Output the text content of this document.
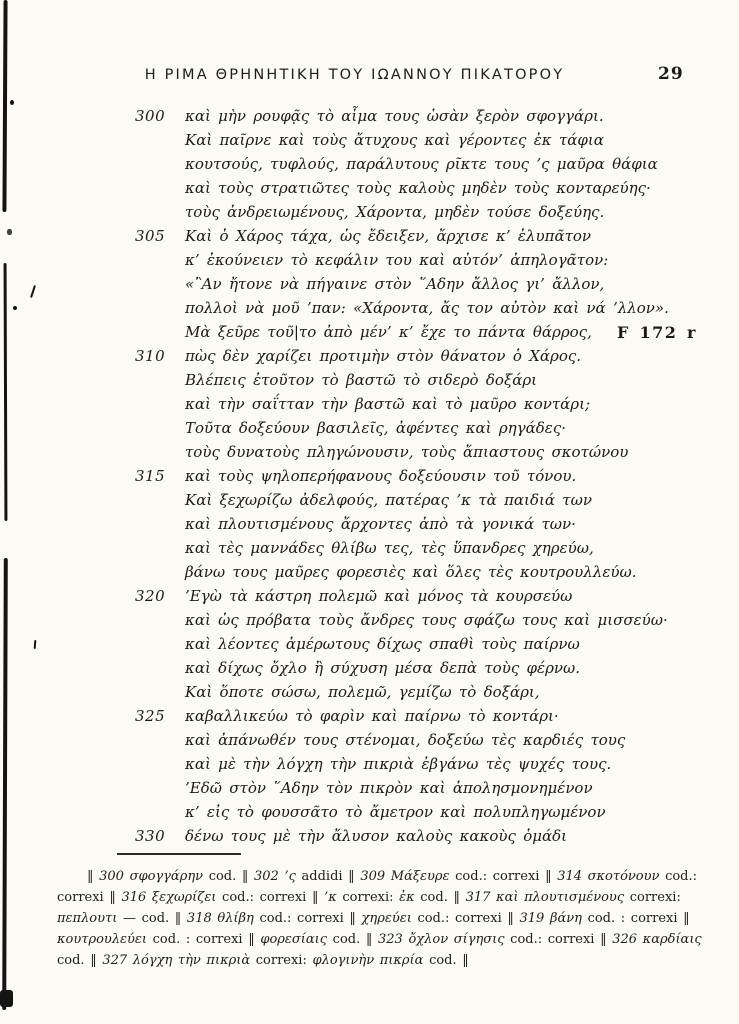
Η ΡΙΜΑ ΘΡΗΝΗΤΙΚΗ ΤΟΥ ΙΩΑΝΝΟΥ ΠΙΚΑΤΟΡΟΥ	29
300	καὶ μὴν ρουφᾷς τὸ αἷμα τους ὡσὰν ξερὸν σφογγάρι.
Καὶ παῖρνε καὶ τοὺς ἄτυχους καὶ γέροντες ἐκ τάφια
κουτσούς, τυφλούς, παράλυτους ρῖκτε τους ’ς μαῦρα θάφια
καὶ τοὺς στρατιῶτες τοὺς καλοὺς μηδὲν τοὺς κονταρεύης·
τοὺς ἀνδρειωμένους, Χάροντα, μηδὲν τούσε δοξεύης.
305	Καὶ ὁ Χάρος τάχα, ὡς ἔδειξεν, ἄρχισε κ’ ἐλυπᾶτον
κ’ ἐκούνειεν τὸ κεφάλιν του καὶ αὐτόν’ ἀπηλογᾶτον:
«῍Αν ἤτονε νὰ πήγαινε στὸν ῞Αδην ἄλλος γι’ ἄλλον,
πολλοὶ νὰ μοῦ ’παν: «Χάροντα, ἄς τον αὐτὸν καὶ νά ’λλον».
Μὰ ξεῦρε τοῦ|το ἀπὸ μέν’ κ’ ἔχε το πάντα θάρρος, F 172 r
310	πὼς δὲν χαρίζει προτιμὴν στὸν θάνατον ὁ Χάρος.
Βλέπεις ἐτοῦτον τὸ βαστῶ τὸ σιδερὸ δοξάρι
καὶ τὴν σαΐτταν τὴν βαστῶ καὶ τὸ μαῦρο κοντάρι;
Τοῦτα δοξεύουν βασιλεῖς, ἀφέντες καὶ ρηγάδες·
τοὺς δυνατοὺς πληγώνουσιν, τοὺς ἄπιαστους σκοτώνου
315	καὶ τοὺς ψηλοπερήφανους δοξεύουσιν τοῦ τόνου.
Καὶ ξεχωρίζω ἀδελφούς, πατέρας ’κ τὰ παιδιά των
καὶ πλουτισμένους ἄρχοντες ἀπὸ τὰ γονικά των·
καὶ τὲς μαννάδες θλίβω τες, τὲς ὕπανδρες χηρεύω,
βάνω τους μαῦρες φορεσιὲς καὶ ὅλες τὲς κουτρουλλεύω.
320	’Εγὼ τὰ κάστρη πολεμῶ καὶ μόνος τὰ κουρσεύω
καὶ ὡς πρόβατα τοὺς ἄνδρες τους σφάζω τους καὶ μισσεύω·
καὶ λέοντες ἀμέρωτους δίχως σπαθὶ τοὺς παίρνω
καὶ δίχως ὄχλο ἢ σύχυση μέσα δεπὰ τοὺς φέρνω.
Καὶ ὅποτε σώσω, πολεμῶ, γεμίζω τὸ δοξάρι,
325	καβαλλικεύω τὸ φαρὶν καὶ παίρνω τὸ κοντάρι·
καὶ ἀπάνωθέν τους στένομαι, δοξεύω τὲς καρδιές τους
καὶ μὲ τὴν λόγχη τὴν πικριὰ ἐβγάνω τὲς ψυχές τους.
’Εδῶ στὸν ῞Αδην τὸν πικρὸν καὶ ἀπολησμονημένον
κ’ εἰς τὸ φουσσᾶτο τὸ ἄμετρον καὶ πολυπληγωμένον
330	δένω τους μὲ τὴν ἄλυσον καλοὺς κακοὺς ὁμάδι
‖ 300 σφογγάρην cod. ‖ 302 ’ς addidi ‖ 309 Μάξευρε cod.: correxi ‖ 314 σκοτόνουν cod.:
correxi ‖ 316 ξεχωρίζει cod.: correxi ‖ ’κ correxi: ἐκ cod. ‖ 317 καὶ πλουτισμένους correxi:
πεπλουτι — cod. ‖ 318 θλίβη cod.: correxi ‖ χηρεύει cod.: correxi ‖ 319 βάνη cod. : correxi ‖
κουτρουλεύει cod. : correxi ‖ φορεσίαις cod. ‖ 323 ὄχλον σίγησις cod.: correxi ‖ 326 καρδίαις
cod. ‖ 327 λόγχη τὴν πικριὰ correxi: φλογινὴν πικρία cod. ‖
